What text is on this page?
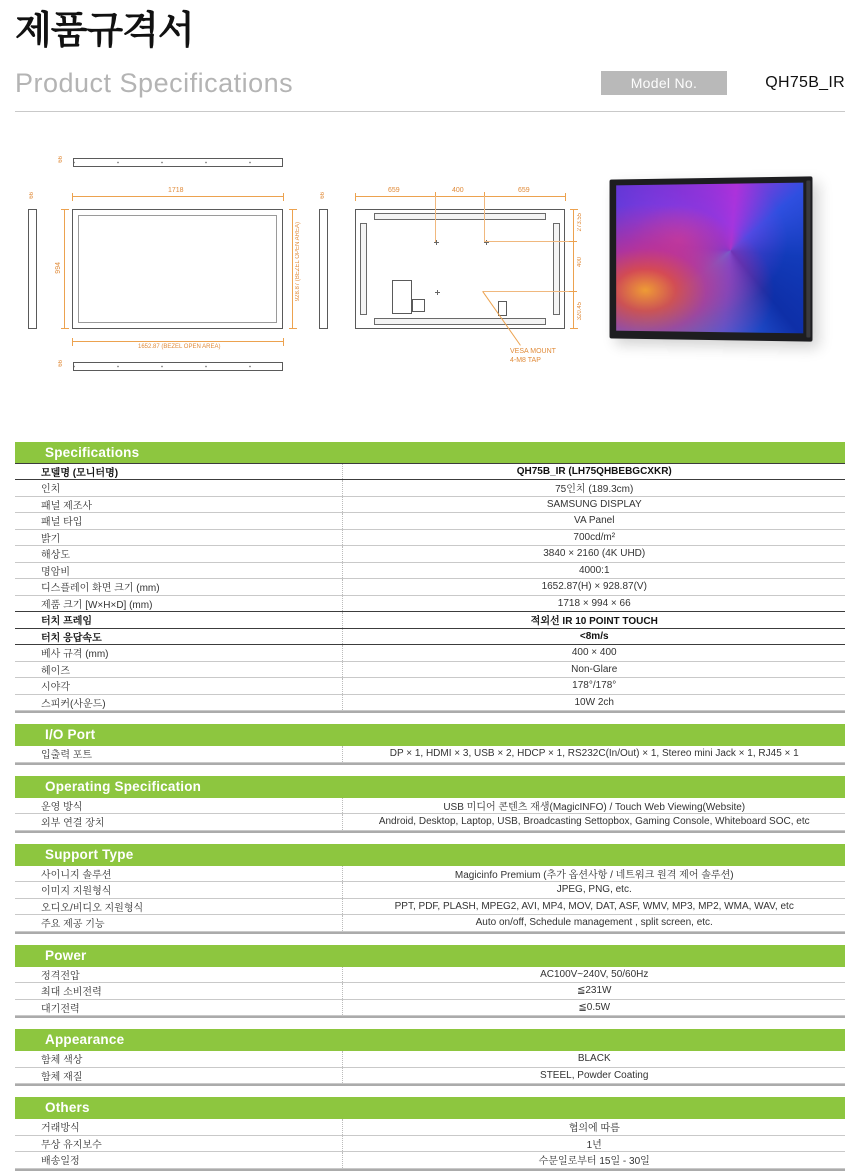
제품규격서
Product Specifications	Model No.	QH75B_IR
66
1718
66
994	928.87 (BEZEL OPEN AREA)
1652.87 (BEZEL OPEN AREA)
66
66
659	400	659
273.55
400
320.45
VESA MOUNT
4-M8 TAP
Specifications
모델명 (모니터명)	QH75B_IR (LH75QHBEBGCXKR)
인치	75인치 (189.3cm)
패널 제조사	SAMSUNG DISPLAY
패널 타입	VA Panel
밝기	700cd/m²
해상도	3840 × 2160 (4K UHD)
명암비	4000:1
디스플레이 화면 크기 (mm)	1652.87(H) × 928.87(V)
제품 크기 [W×H×D] (mm)	1718 × 994 × 66
터치 프레임	적외선 IR 10 POINT TOUCH
터치 응답속도	<8m/s
베사 규격 (mm)	400 × 400
헤이즈	Non-Glare
시야각	178°/178°
스피커(사운드)	10W 2ch
I/O Port
입출력 포트	DP × 1, HDMI × 3, USB × 2, HDCP × 1, RS232C(In/Out) × 1, Stereo mini Jack × 1, RJ45 × 1
Operating Specification
운영 방식	USB 미디어 콘텐츠 재생(MagicINFO) / Touch Web Viewing(Website)
외부 연결 장치	Android, Desktop, Laptop, USB, Broadcasting Settopbox, Gaming Console, Whiteboard SOC, etc
Support Type
사이니지 솔루션	Magicinfo Premium (추가 옵션사항 / 네트워크 원격 제어 솔루션)
이미지 지원형식	JPEG, PNG, etc.
오디오/비디오 지원형식	PPT, PDF, PLASH, MPEG2, AVI, MP4, MOV, DAT, ASF, WMV, MP3, MP2, WMA, WAV, etc
주요 제공 기능	Auto on/off, Schedule management , split screen, etc.
Power
정격전압	AC100V~240V, 50/60Hz
최대 소비전력	≦231W
대기전력	≦0.5W
Appearance
함체 색상	BLACK
함체 재질	STEEL, Powder Coating
Others
거래방식	협의에 따름
무상 유지보수	1년
배송일정	수문일로부터 15일 - 30일
